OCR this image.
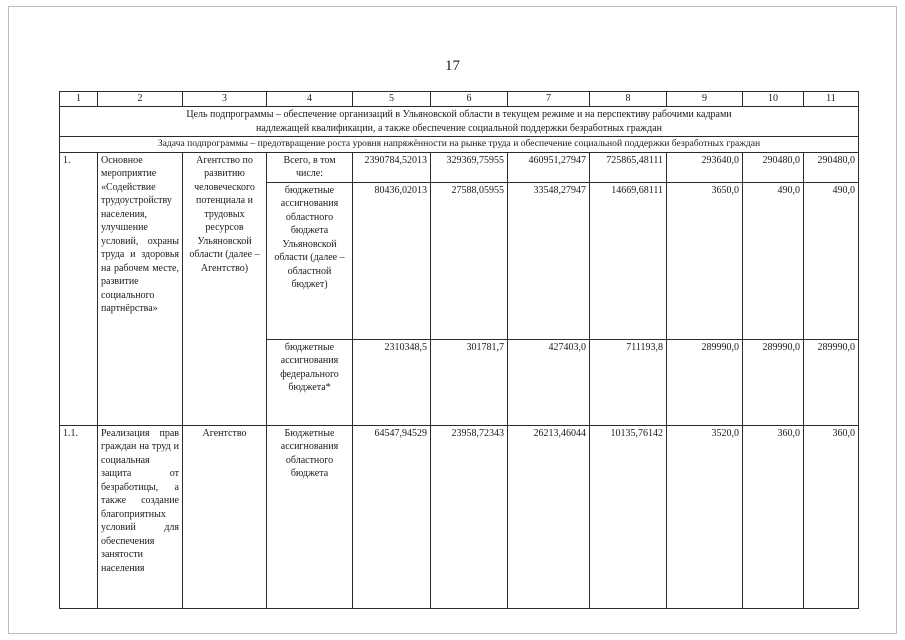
17
1	2	3	4	5	6	7	8	9	10	11

Цель подпрограммы – обеспечение организаций в Ульяновской области в текущем режиме и на перспективу рабочими кадрами
надлежащей квалификации, а также обеспечение социальной поддержки безработных граждан										

Задача подпрограммы – предотвращение роста уровня напряжённости на рынке труда и обеспечение социальной поддержки безработных граждан										
1.	Основное мероприятие «Содействие трудоустройству населения, улучшение условий, охраны труда и здоровья на рабочем месте, развитие социального партнёрства»	Агентство по развитию человеческого потенциала и трудовых ресурсов Ульяновской области (далее – Агентство)	Всего, в том числе:	2390784,52013	329369,75955	460951,27947	725865,48111	293640,0	290480,0	290480,0
			бюджетные ассигнования областного бюджета Ульяновской области (далее – областной бюджет)	80436,02013	27588,05955	33548,27947	14669,68111	3650,0	490,0	490,0
			бюджетные ассигнования федерального бюджета*	2310348,5	301781,7	427403,0	711193,8	289990,0	289990,0	289990,0
1.1.	Реализация прав граждан на труд и социальная защита от безработицы, а также создание благоприятных условий для обеспечения занятости населения	Агентство	Бюджетные ассигнования областного бюджета	64547,94529	23958,72343	26213,46044	10135,76142	3520,0	360,0	360,0
